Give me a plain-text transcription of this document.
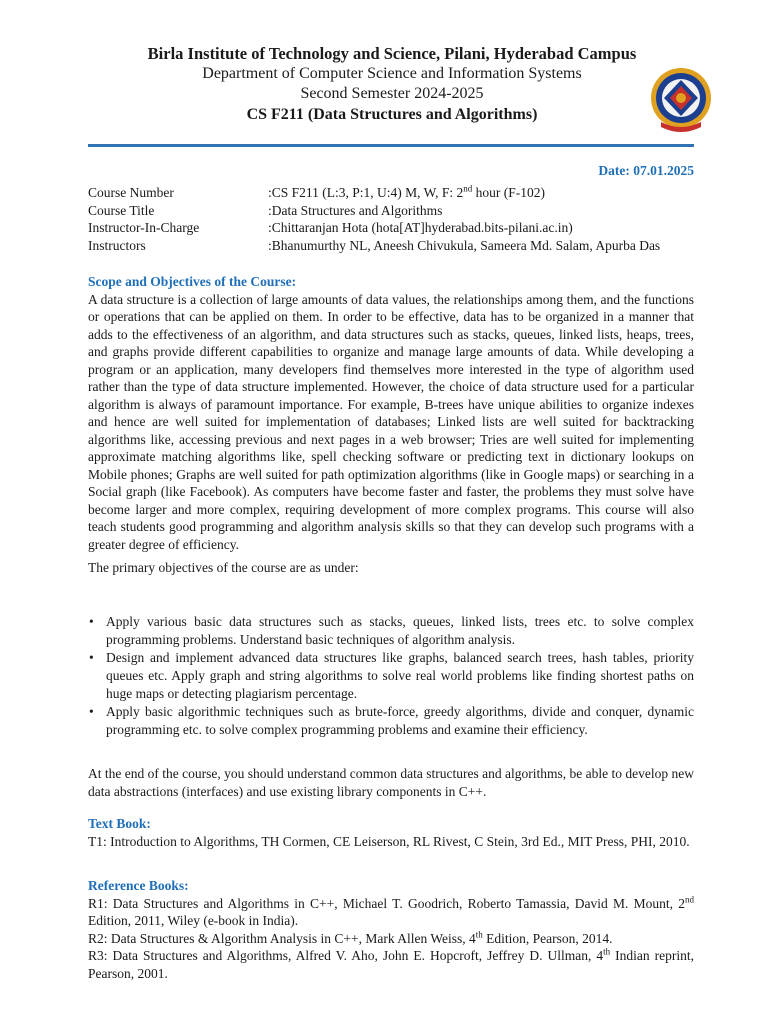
Birla Institute of Technology and Science, Pilani, Hyderabad Campus
Department of Computer Science and Information Systems
Second Semester 2024-2025
CS F211 (Data Structures and Algorithms)
Date: 07.01.2025
Course Number	:CS F211 (L:3, P:1, U:4) M, W, F: 2nd hour (F-102)
Course Title	:Data Structures and Algorithms
Instructor-In-Charge	:Chittaranjan Hota (hota[AT]hyderabad.bits-pilani.ac.in)
Instructors	:Bhanumurthy NL, Aneesh Chivukula, Sameera Md. Salam, Apurba Das
Scope and Objectives of the Course:
A data structure is a collection of large amounts of data values, the relationships among them, and the functions or operations that can be applied on them. In order to be effective, data has to be organized in a manner that adds to the effectiveness of an algorithm, and data structures such as stacks, queues, linked lists, heaps, trees, and graphs provide different capabilities to organize and manage large amounts of data. While developing a program or an application, many developers find themselves more interested in the type of algorithm used rather than the type of data structure implemented. However, the choice of data structure used for a particular algorithm is always of paramount importance. For example, B-trees have unique abilities to organize indexes and hence are well suited for implementation of databases; Linked lists are well suited for backtracking algorithms like, accessing previous and next pages in a web browser; Tries are well suited for implementing approximate matching algorithms like, spell checking software or predicting text in dictionary lookups on Mobile phones; Graphs are well suited for path optimization algorithms (like in Google maps) or searching in a Social graph (like Facebook). As computers have become faster and faster, the problems they must solve have become larger and more complex, requiring development of more complex programs. This course will also teach students good programming and algorithm analysis skills so that they can develop such programs with a greater degree of efficiency.
The primary objectives of the course are as under:
• Apply various basic data structures such as stacks, queues, linked lists, trees etc. to solve complex programming problems. Understand basic techniques of algorithm analysis.
• Design and implement advanced data structures like graphs, balanced search trees, hash tables, priority queues etc. Apply graph and string algorithms to solve real world problems like finding shortest paths on huge maps or detecting plagiarism percentage.
• Apply basic algorithmic techniques such as brute-force, greedy algorithms, divide and conquer, dynamic programming etc. to solve complex programming problems and examine their efficiency.
At the end of the course, you should understand common data structures and algorithms, be able to develop new data abstractions (interfaces) and use existing library components in C++.
Text Book:
T1: Introduction to Algorithms, TH Cormen, CE Leiserson, RL Rivest, C Stein, 3rd Ed., MIT Press, PHI, 2010.
Reference Books:
R1: Data Structures and Algorithms in C++, Michael T. Goodrich, Roberto Tamassia, David M. Mount, 2nd Edition, 2011, Wiley (e-book in India).
R2: Data Structures & Algorithm Analysis in C++, Mark Allen Weiss, 4th Edition, Pearson, 2014.
R3: Data Structures and Algorithms, Alfred V. Aho, John E. Hopcroft, Jeffrey D. Ullman, 4th Indian reprint, Pearson, 2001.
